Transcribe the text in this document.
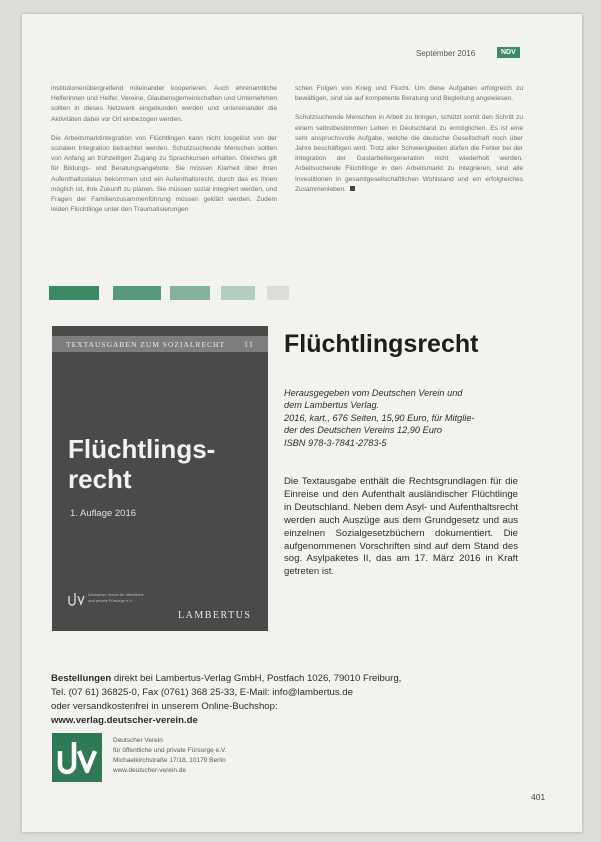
September 2016	NDV

institutionenübergreifend miteinander kooperieren. Auch ehrenamtliche Helferinnen und Helfer, Vereine, Glaubensgemeinschaften und Unternehmen sollten in dieses Netzwerk eingebunden werden und untereinander die Aktivitäten dabei vor Ort einbezogen werden.

Die Arbeitsmarktintegration von Flüchtlingen kann nicht losgelöst von der sozialen Integration betrachtet werden. Schutzsuchende Menschen sollten von Anfang an frühzeitigen Zugang zu Sprachkursen erhalten. Gleiches gilt für Bildungs- und Beratungsangebote. Sie müssen Klarheit über ihren Aufenthaltsstatus bekommen und ein Aufenthaltsrecht, durch das es ihnen möglich ist, ihre Zukunft zu planen. Sie müssen sozial integriert werden, und Fragen der Familienzusammenführung müssen geklärt werden. Zudem leiden Flüchtlinge unter den Traumatisierungen

schen Folgen von Krieg und Flucht. Um diese Aufgaben erfolgreich zu bewältigen, sind sie auf kompetente Beratung und Begleitung angewiesen.

Schutzsuchende Menschen in Arbeit zu bringen, schützt somit den Schritt zu einem selbstbestimmten Leben in Deutschland zu ermöglichen. Es ist eine sehr anspruchsvolle Aufgabe, welche die deutsche Gesellschaft noch über Jahre beschäftigen wird. Trotz aller Schwierigkeiten dürfen die Fehler bei der Integration der Gastarbeitergeneration nicht wiederholt werden. Arbeitsuchende Flüchtlinge in den Arbeitsmarkt zu integrieren, sind alle Investitionen in gesamtgesellschaftlichen Wohlstand und ein erfolgreiches Zusammenleben.

TEXTAUSGABEN ZUM SOZIALRECHT 11
Flüchtlings-
recht
1. Auflage 2016
Deutscher Verein für öffentliche und private Fürsorge e.V.
LAMBERTUS
Flüchtlingsrecht
Herausgegeben vom Deutschen Verein und
dem Lambertus Verlag.
2016, kart., 676 Seiten, 15,90 Euro, für Mitglie-
der des Deutschen Vereins 12,90 Euro
ISBN 978-3-7841-2783-5
Die Textausgabe enthält die Rechtsgrundlagen für die Einreise und den Aufenthalt ausländischer Flüchtlinge in Deutschland. Neben dem Asyl- und Aufenthaltsrecht werden auch Auszüge aus dem Grundgesetz und aus einzelnen Sozialgesetzbüchern dokumentiert. Die aufgenommenen Vorschriften sind auf dem Stand des sog. Asylpaketes II, das am 17. März 2016 in Kraft getreten ist.
Bestellungen direkt bei Lambertus-Verlag GmbH, Postfach 1026, 79010 Freiburg,
Tel. (07 61) 36825-0, Fax (0761) 368 25-33, E-Mail: info@lambertus.de
oder versandkostenfrei in unserem Online-Buchshop:
www.verlag.deutscher-verein.de
Deutscher Verein
für öffentliche und private Fürsorge e.V.
Michaelkirchstraße 17/18, 10179 Berlin
www.deutscher-verein.de
401
